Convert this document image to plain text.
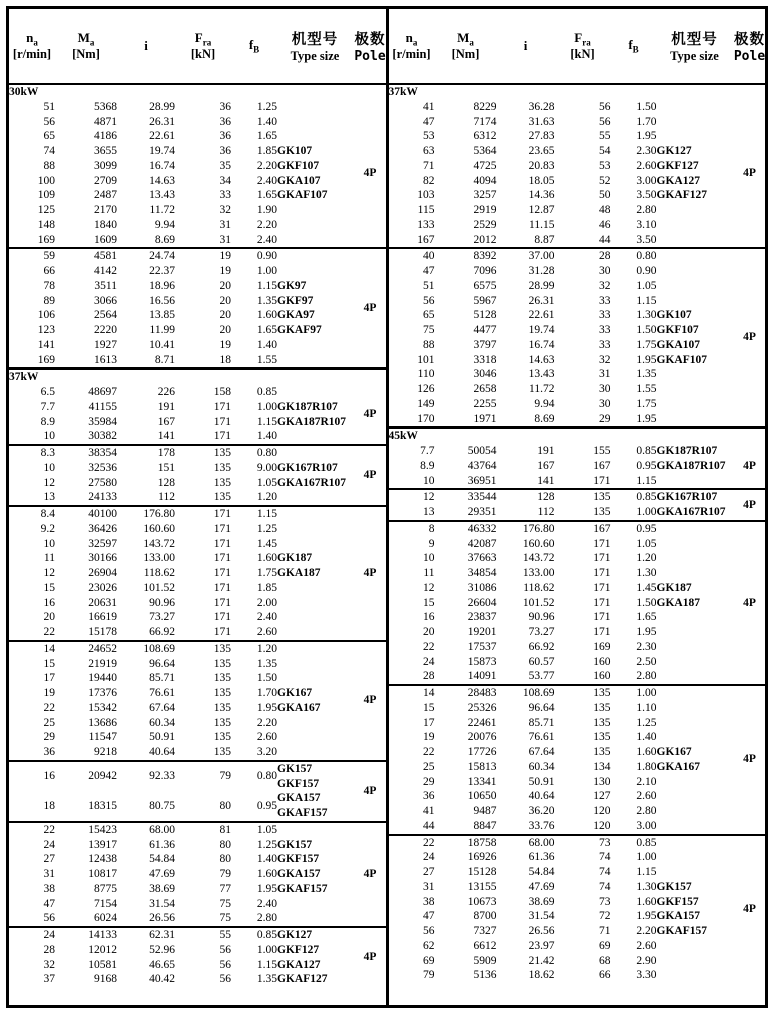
$n_a$
[r/min]

$M_a$
[Nm]

i

$F_{ra}$
[kN]

$f_B$

机型号
Type size

极数
Pole

30kW						
51	5368	28.99	36	1.25		4P
56	4871	26.31	36	1.40		
65	4186	22.61	36	1.65		
74	3655	19.74	36	1.85	GK107	
88	3099	16.74	35	2.20	GKF107	
100	2709	14.63	34	2.40	GKA107	
109	2487	13.43	33	1.65	GKAF107	
125	2170	11.72	32	1.90		
148	1840	9.94	31	2.20		
169	1609	8.69	31	2.40		
59	4581	24.74	19	0.90		4P
66	4142	22.37	19	1.00		
78	3511	18.96	20	1.15	GK97	
89	3066	16.56	20	1.35	GKF97	
106	2564	13.85	20	1.60	GKA97	
123	2220	11.99	20	1.65	GKAF97	
141	1927	10.41	19	1.40		
169	1613	8.71	18	1.55		
37kW						
6.5	48697	226	158	0.85		4P
7.7	41155	191	171	1.00	GK187R107	
8.9	35984	167	171	1.15	GKA187R107	
10	30382	141	171	1.40		
8.3	38354	178	135	0.80		4P
10	32536	151	135	9.00	GK167R107	
12	27580	128	135	1.05	GKA167R107	
13	24133	112	135	1.20		
8.4	40100	176.80	171	1.15		4P
9.2	36426	160.60	171	1.25		
10	32597	143.72	171	1.45		
11	30166	133.00	171	1.60	GK187	
12	26904	118.62	171	1.75	GKA187	
15	23026	101.52	171	1.85		
16	20631	90.96	171	2.00		
20	16619	73.27	171	2.40		
22	15178	66.92	171	2.60		
14	24652	108.69	135	1.20		4P
15	21919	96.64	135	1.35		
17	19440	85.71	135	1.50		
19	17376	76.61	135	1.70	GK167	
22	15342	67.64	135	1.95	GKA167	
25	13686	60.34	135	2.20		
29	11547	50.91	135	2.60		
36	9218	40.64	135	3.20		
16	20942	92.33	79	0.80	GK157
GKF157	4P
18	18315	80.75	80	0.95	GKA157
GKAF157	

22	15423	68.00	81	1.05		4P
24	13917	61.36	80	1.25	GK157	
27	12438	54.84	80	1.40	GKF157	
31	10817	47.69	79	1.60	GKA157	
38	8775	38.69	77	1.95	GKAF157	
47	7154	31.54	75	2.40		
56	6024	26.56	75	2.80		
24	14133	62.31	55	0.85	GK127	4P
28	12012	52.96	56	1.00	GKF127	
32	10581	46.65	56	1.15	GKA127	
37	9168	40.42	56	1.35	GKAF127	
$n_a$
[r/min]

$M_a$
[Nm]

i

$F_{ra}$
[kN]

$f_B$

机型号
Type size

极数
Pole

37kW						
41	8229	36.28	56	1.50		4P
47	7174	31.63	56	1.70		
53	6312	27.83	55	1.95		
63	5364	23.65	54	2.30	GK127	
71	4725	20.83	53	2.60	GKF127	
82	4094	18.05	52	3.00	GKA127	
103	3257	14.36	50	3.50	GKAF127	
115	2919	12.87	48	2.80		
133	2529	11.15	46	3.10		
167	2012	8.87	44	3.50		
40	8392	37.00	28	0.80		4P
47	7096	31.28	30	0.90		
51	6575	28.99	32	1.05		
56	5967	26.31	33	1.15		
65	5128	22.61	33	1.30	GK107	
75	4477	19.74	33	1.50	GKF107	
88	3797	16.74	33	1.75	GKA107	
101	3318	14.63	32	1.95	GKAF107	
110	3046	13.43	31	1.35		
126	2658	11.72	30	1.55		
149	2255	9.94	30	1.75		
170	1971	8.69	29	1.95		
45kW						
7.7	50054	191	155	0.85	GK187R107	4P
8.9	43764	167	167	0.95	GKA187R107	
10	36951	141	171	1.15		
12	33544	128	135	0.85	GK167R107	4P
13	29351	112	135	1.00	GKA167R107	
8	46332	176.80	167	0.95		4P
9	42087	160.60	171	1.05		
10	37663	143.72	171	1.20		
11	34854	133.00	171	1.30		
12	31086	118.62	171	1.45	GK187	
15	26604	101.52	171	1.50	GKA187	
16	23837	90.96	171	1.65		
20	19201	73.27	171	1.95		
22	17537	66.92	169	2.30		
24	15873	60.57	160	2.50		
28	14091	53.77	160	2.80		
14	28483	108.69	135	1.00		4P
15	25326	96.64	135	1.10		
17	22461	85.71	135	1.25		
19	20076	76.61	135	1.40		
22	17726	67.64	135	1.60	GK167	
25	15813	60.34	134	1.80	GKA167	
29	13341	50.91	130	2.10		
36	10650	40.64	127	2.60		
41	9487	36.20	120	2.80		
44	8847	33.76	120	3.00		
22	18758	68.00	73	0.85		4P
24	16926	61.36	74	1.00		
27	15128	54.84	74	1.15		
31	13155	47.69	74	1.30	GK157	
38	10673	38.69	73	1.60	GKF157	
47	8700	31.54	72	1.95	GKA157	
56	7327	26.56	71	2.20	GKAF157	
62	6612	23.97	69	2.60		
69	5909	21.42	68	2.90		
79	5136	18.62	66	3.30		
